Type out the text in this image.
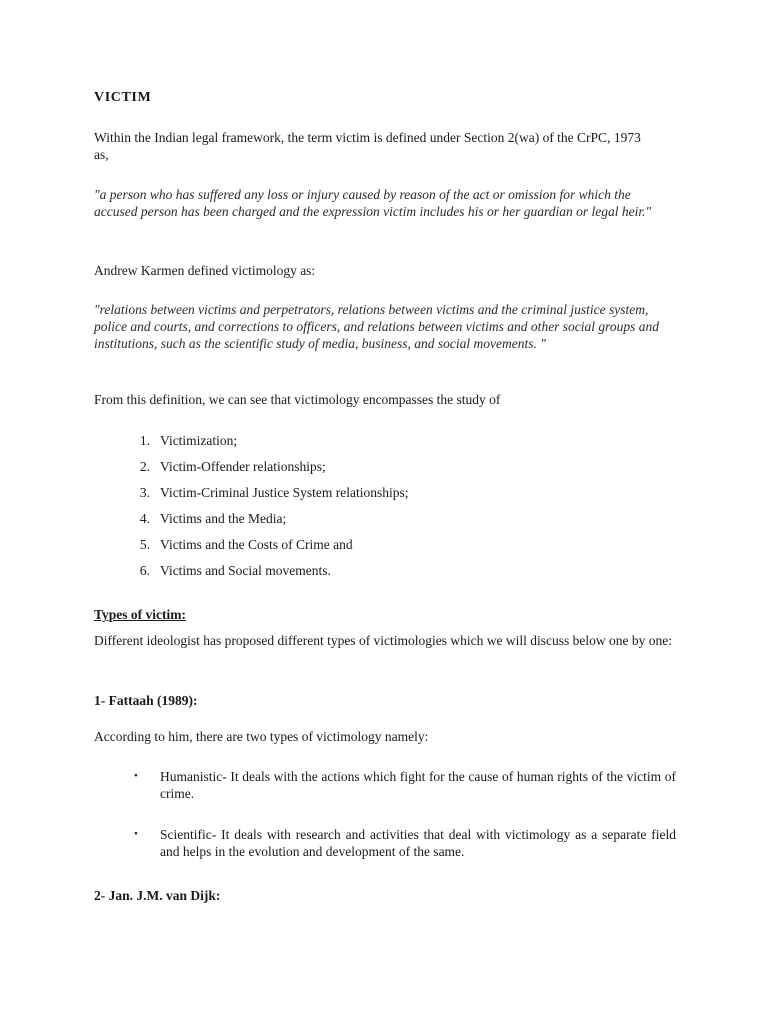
VICTIM

Within the Indian legal framework, the term victim is defined under Section 2(wa) of the CrPC, 1973 as,

"a person who has suffered any loss or injury caused by reason of the act or omission for which the accused person has been charged and the expression victim includes his or her guardian or legal heir."

Andrew Karmen defined victimology as:

"relations between victims and perpetrators, relations between victims and the criminal justice system, police and courts, and corrections to officers, and relations between victims and other social groups and institutions, such as the scientific study of media, business, and social movements. "

From this definition, we can see that victimology encompasses the study of

1. Victimization;
2. Victim-Offender relationships;
3. Victim-Criminal Justice System relationships;
4. Victims and the Media;
5. Victims and the Costs of Crime and
6. Victims and Social movements.

Types of victim:

Different ideologist has proposed different types of victimologies which we will discuss below one by one:

1- Fattaah (1989):

According to him, there are two types of victimology namely:

• Humanistic- It deals with the actions which fight for the cause of human rights of the victim of crime.
• Scientific- It deals with research and activities that deal with victimology as a separate field and helps in the evolution and development of the same.

2- Jan. J.M. van Dijk:
